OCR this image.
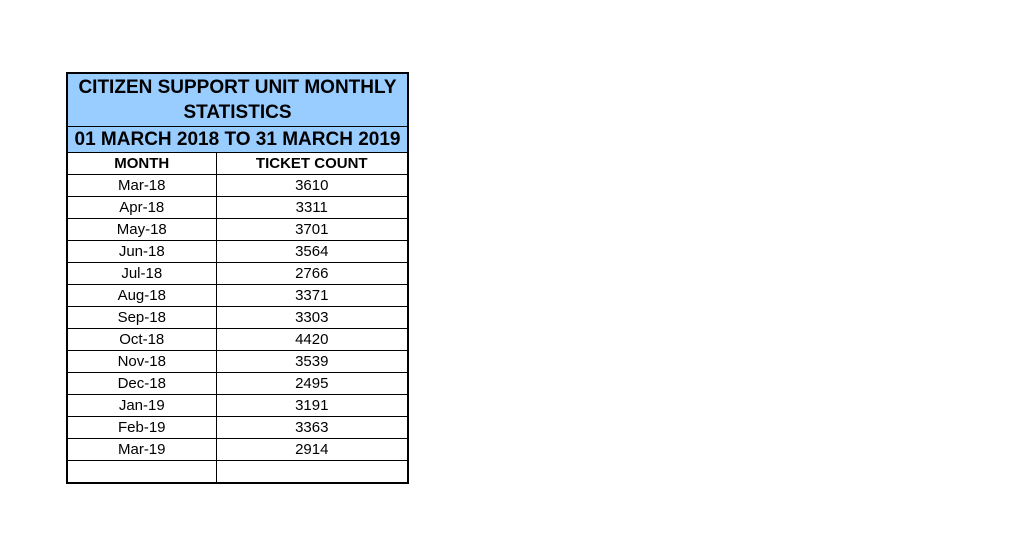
CITIZEN SUPPORT UNIT MONTHLY
STATISTICS
01 MARCH 2018 TO 31 MARCH 2019
MONTH	TICKET COUNT
Mar-18	3610
Apr-18	3311
May-18	3701
Jun-18	3564
Jul-18	2766
Aug-18	3371
Sep-18	3303
Oct-18	4420
Nov-18	3539
Dec-18	2495
Jan-19	3191
Feb-19	3363
Mar-19	2914
